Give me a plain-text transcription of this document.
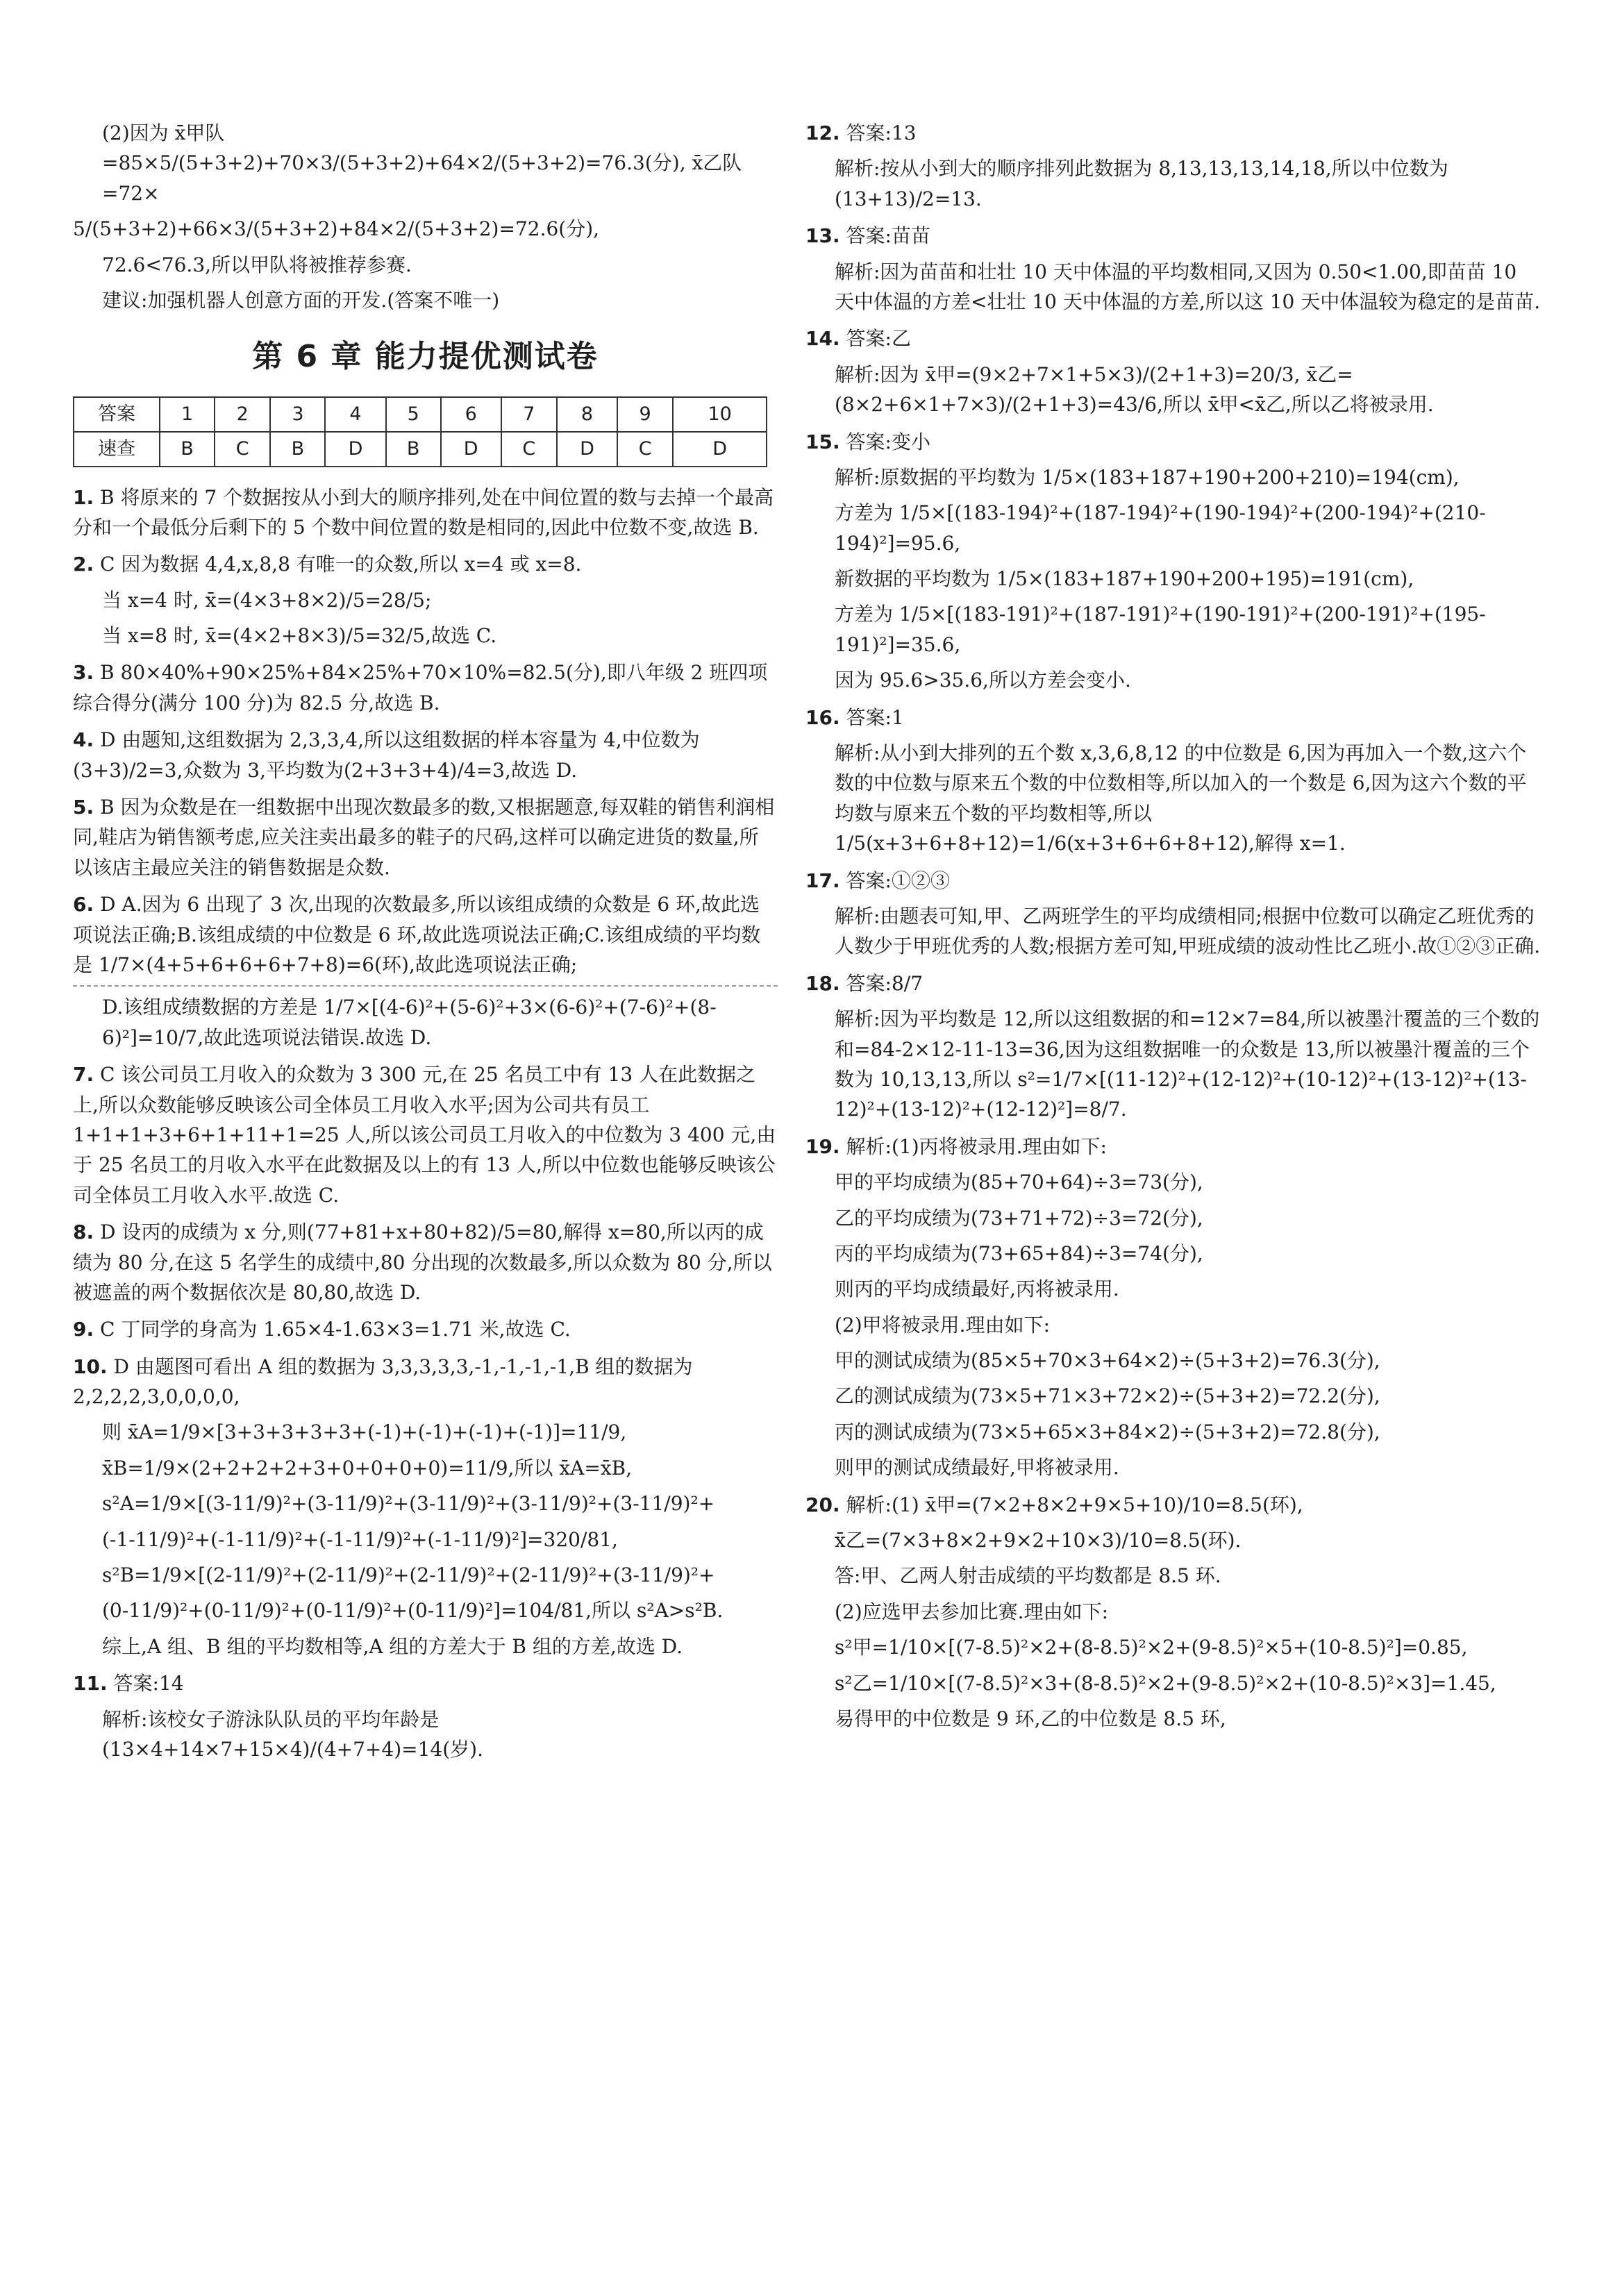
(2)因为 x̄甲队=85×5/(5+3+2)+70×3/(5+3+2)+64×2/(5+3+2)=76.3(分), x̄乙队=72×

5/(5+3+2)+66×3/(5+3+2)+84×2/(5+3+2)=72.6(分),

72.6<76.3,所以甲队将被推荐参赛.

建议:加强机器人创意方面的开发.(答案不唯一)

第 6 章 能力提优测试卷
答案	1	2	3	4	5	6	7	8	9	10
速查	B	C	B	D	B	D	C	D	C	D

1. B 将原来的 7 个数据按从小到大的顺序排列,处在中间位置的数与去掉一个最高分和一个最低分后剩下的 5 个数中间位置的数是相同的,因此中位数不变,故选 B.

2. C 因为数据 4,4,x,8,8 有唯一的众数,所以 x=4 或 x=8.

当 x=4 时, x̄=(4×3+8×2)/5=28/5;

当 x=8 时, x̄=(4×2+8×3)/5=32/5,故选 C.

3. B 80×40%+90×25%+84×25%+70×10%=82.5(分),即八年级 2 班四项综合得分(满分 100 分)为 82.5 分,故选 B.

4. D 由题知,这组数据为 2,3,3,4,所以这组数据的样本容量为 4,中位数为(3+3)/2=3,众数为 3,平均数为(2+3+3+4)/4=3,故选 D.

5. B 因为众数是在一组数据中出现次数最多的数,又根据题意,每双鞋的销售利润相同,鞋店为销售额考虑,应关注卖出最多的鞋子的尺码,这样可以确定进货的数量,所以该店主最应关注的销售数据是众数.

6. D A.因为 6 出现了 3 次,出现的次数最多,所以该组成绩的众数是 6 环,故此选项说法正确;B.该组成绩的中位数是 6 环,故此选项说法正确;C.该组成绩的平均数是 1/7×(4+5+6+6+6+7+8)=6(环),故此选项说法正确;

D.该组成绩数据的方差是 1/7×[(4-6)²+(5-6)²+3×(6-6)²+(7-6)²+(8-6)²]=10/7,故此选项说法错误.故选 D.

7. C 该公司员工月收入的众数为 3 300 元,在 25 名员工中有 13 人在此数据之上,所以众数能够反映该公司全体员工月收入水平;因为公司共有员工 1+1+1+3+6+1+11+1=25 人,所以该公司员工月收入的中位数为 3 400 元,由于 25 名员工的月收入水平在此数据及以上的有 13 人,所以中位数也能够反映该公司全体员工月收入水平.故选 C.

8. D 设丙的成绩为 x 分,则(77+81+x+80+82)/5=80,解得 x=80,所以丙的成绩为 80 分,在这 5 名学生的成绩中,80 分出现的次数最多,所以众数为 80 分,所以被遮盖的两个数据依次是 80,80,故选 D.

9. C 丁同学的身高为 1.65×4-1.63×3=1.71 米,故选 C.

10. D 由题图可看出 A 组的数据为 3,3,3,3,3,-1,-1,-1,-1,B 组的数据为 2,2,2,2,3,0,0,0,0,

则 x̄A=1/9×[3+3+3+3+3+(-1)+(-1)+(-1)+(-1)]=11/9,

x̄B=1/9×(2+2+2+2+3+0+0+0+0)=11/9,所以 x̄A=x̄B,

s²A=1/9×[(3-11/9)²+(3-11/9)²+(3-11/9)²+(3-11/9)²+(3-11/9)²+

(-1-11/9)²+(-1-11/9)²+(-1-11/9)²+(-1-11/9)²]=320/81,

s²B=1/9×[(2-11/9)²+(2-11/9)²+(2-11/9)²+(2-11/9)²+(3-11/9)²+

(0-11/9)²+(0-11/9)²+(0-11/9)²+(0-11/9)²]=104/81,所以 s²A>s²B.

综上,A 组、B 组的平均数相等,A 组的方差大于 B 组的方差,故选 D.

11. 答案:14

解析:该校女子游泳队队员的平均年龄是(13×4+14×7+15×4)/(4+7+4)=14(岁).

12. 答案:13

解析:按从小到大的顺序排列此数据为 8,13,13,13,14,18,所以中位数为(13+13)/2=13.

13. 答案:苗苗

解析:因为苗苗和壮壮 10 天中体温的平均数相同,又因为 0.50<1.00,即苗苗 10 天中体温的方差<壮壮 10 天中体温的方差,所以这 10 天中体温较为稳定的是苗苗.

14. 答案:乙

解析:因为 x̄甲=(9×2+7×1+5×3)/(2+1+3)=20/3, x̄乙=(8×2+6×1+7×3)/(2+1+3)=43/6,所以 x̄甲<x̄乙,所以乙将被录用.

15. 答案:变小

解析:原数据的平均数为 1/5×(183+187+190+200+210)=194(cm),

方差为 1/5×[(183-194)²+(187-194)²+(190-194)²+(200-194)²+(210-194)²]=95.6,

新数据的平均数为 1/5×(183+187+190+200+195)=191(cm),

方差为 1/5×[(183-191)²+(187-191)²+(190-191)²+(200-191)²+(195-191)²]=35.6,

因为 95.6>35.6,所以方差会变小.

16. 答案:1

解析:从小到大排列的五个数 x,3,6,8,12 的中位数是 6,因为再加入一个数,这六个数的中位数与原来五个数的中位数相等,所以加入的一个数是 6,因为这六个数的平均数与原来五个数的平均数相等,所以 1/5(x+3+6+8+12)=1/6(x+3+6+6+8+12),解得 x=1.

17. 答案:①②③

解析:由题表可知,甲、乙两班学生的平均成绩相同;根据中位数可以确定乙班优秀的人数少于甲班优秀的人数;根据方差可知,甲班成绩的波动性比乙班小.故①②③正确.

18. 答案:8/7

解析:因为平均数是 12,所以这组数据的和=12×7=84,所以被墨汁覆盖的三个数的和=84-2×12-11-13=36,因为这组数据唯一的众数是 13,所以被墨汁覆盖的三个数为 10,13,13,所以 s²=1/7×[(11-12)²+(12-12)²+(10-12)²+(13-12)²+(13-12)²+(13-12)²+(12-12)²]=8/7.

19. 解析:(1)丙将被录用.理由如下:

甲的平均成绩为(85+70+64)÷3=73(分),

乙的平均成绩为(73+71+72)÷3=72(分),

丙的平均成绩为(73+65+84)÷3=74(分),

则丙的平均成绩最好,丙将被录用.

(2)甲将被录用.理由如下:

甲的测试成绩为(85×5+70×3+64×2)÷(5+3+2)=76.3(分),

乙的测试成绩为(73×5+71×3+72×2)÷(5+3+2)=72.2(分),

丙的测试成绩为(73×5+65×3+84×2)÷(5+3+2)=72.8(分),

则甲的测试成绩最好,甲将被录用.

20. 解析:(1) x̄甲=(7×2+8×2+9×5+10)/10=8.5(环),

x̄乙=(7×3+8×2+9×2+10×3)/10=8.5(环).

答:甲、乙两人射击成绩的平均数都是 8.5 环.

(2)应选甲去参加比赛.理由如下:

s²甲=1/10×[(7-8.5)²×2+(8-8.5)²×2+(9-8.5)²×5+(10-8.5)²]=0.85,

s²乙=1/10×[(7-8.5)²×3+(8-8.5)²×2+(9-8.5)²×2+(10-8.5)²×3]=1.45,

易得甲的中位数是 9 环,乙的中位数是 8.5 环,
